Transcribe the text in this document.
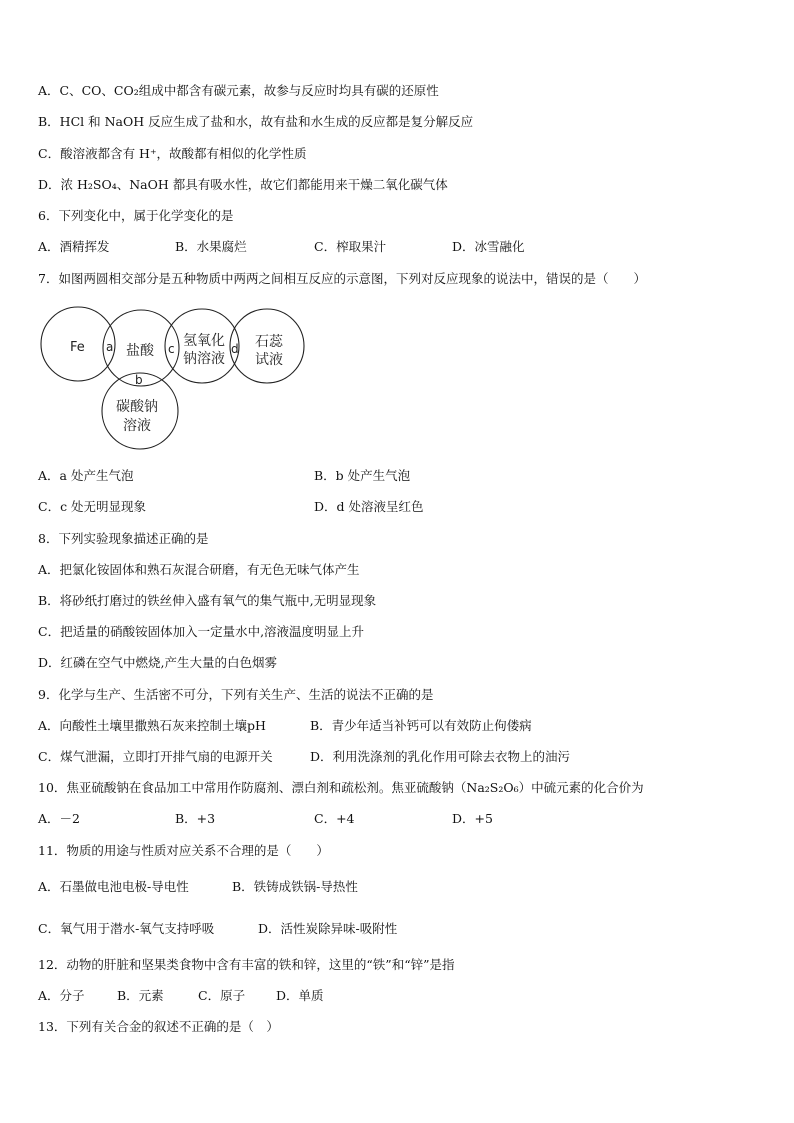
A．C、CO、CO₂组成中都含有碳元素，故参与反应时均具有碳的还原性
B．HCl 和 NaOH 反应生成了盐和水，故有盐和水生成的反应都是复分解反应
C．酸溶液都含有 H⁺，故酸都有相似的化学性质
D．浓 H₂SO₄、NaOH 都具有吸水性，故它们都能用来干燥二氧化碳气体
6．下列变化中，属于化学变化的是
A．酒精挥发	B．水果腐烂	C．榨取果汁	D．冰雪融化
7．如图两圆相交部分是五种物质中两两之间相互反应的示意图，下列对反应现象的说法中，错误的是（　　）
Fe	盐酸
氢氧化
钠溶液
石蕊
试液
碳酸钠
溶液
a
b
c	d
A．a 处产生气泡	B．b 处产生气泡
C．c 处无明显现象	D．d 处溶液呈红色
8．下列实验现象描述正确的是
A．把氯化铵固体和熟石灰混合研磨，有无色无味气体产生
B．将砂纸打磨过的铁丝伸入盛有氧气的集气瓶中,无明显现象
C．把适量的硝酸铵固体加入一定量水中,溶液温度明显上升
D．红磷在空气中燃烧,产生大量的白色烟雾
9．化学与生产、生活密不可分，下列有关生产、生活的说法不正确的是
A．向酸性土壤里撒熟石灰来控制土壤pH	B．青少年适当补钙可以有效防止佝偻病
C．煤气泄漏，立即打开排气扇的电源开关	D．利用洗涤剂的乳化作用可除去衣物上的油污
10．焦亚硫酸钠在食品加工中常用作防腐剂、漂白剂和疏松剂。焦亚硫酸钠（Na₂S₂O₆）中硫元素的化合价为
A．－2	B．+3	C．+4	D．+5
11．物质的用途与性质对应关系不合理的是（　　）
A．石墨做电池电极-导电性	B．铁铸成铁锅-导热性
C．氧气用于潜水-氧气支持呼吸	D．活性炭除异味-吸附性
12．动物的肝脏和坚果类食物中含有丰富的铁和锌，这里的“铁”和“锌”是指
A．分子	B．元素	C．原子 D．单质
13．下列有关合金的叙述不正确的是（　）
